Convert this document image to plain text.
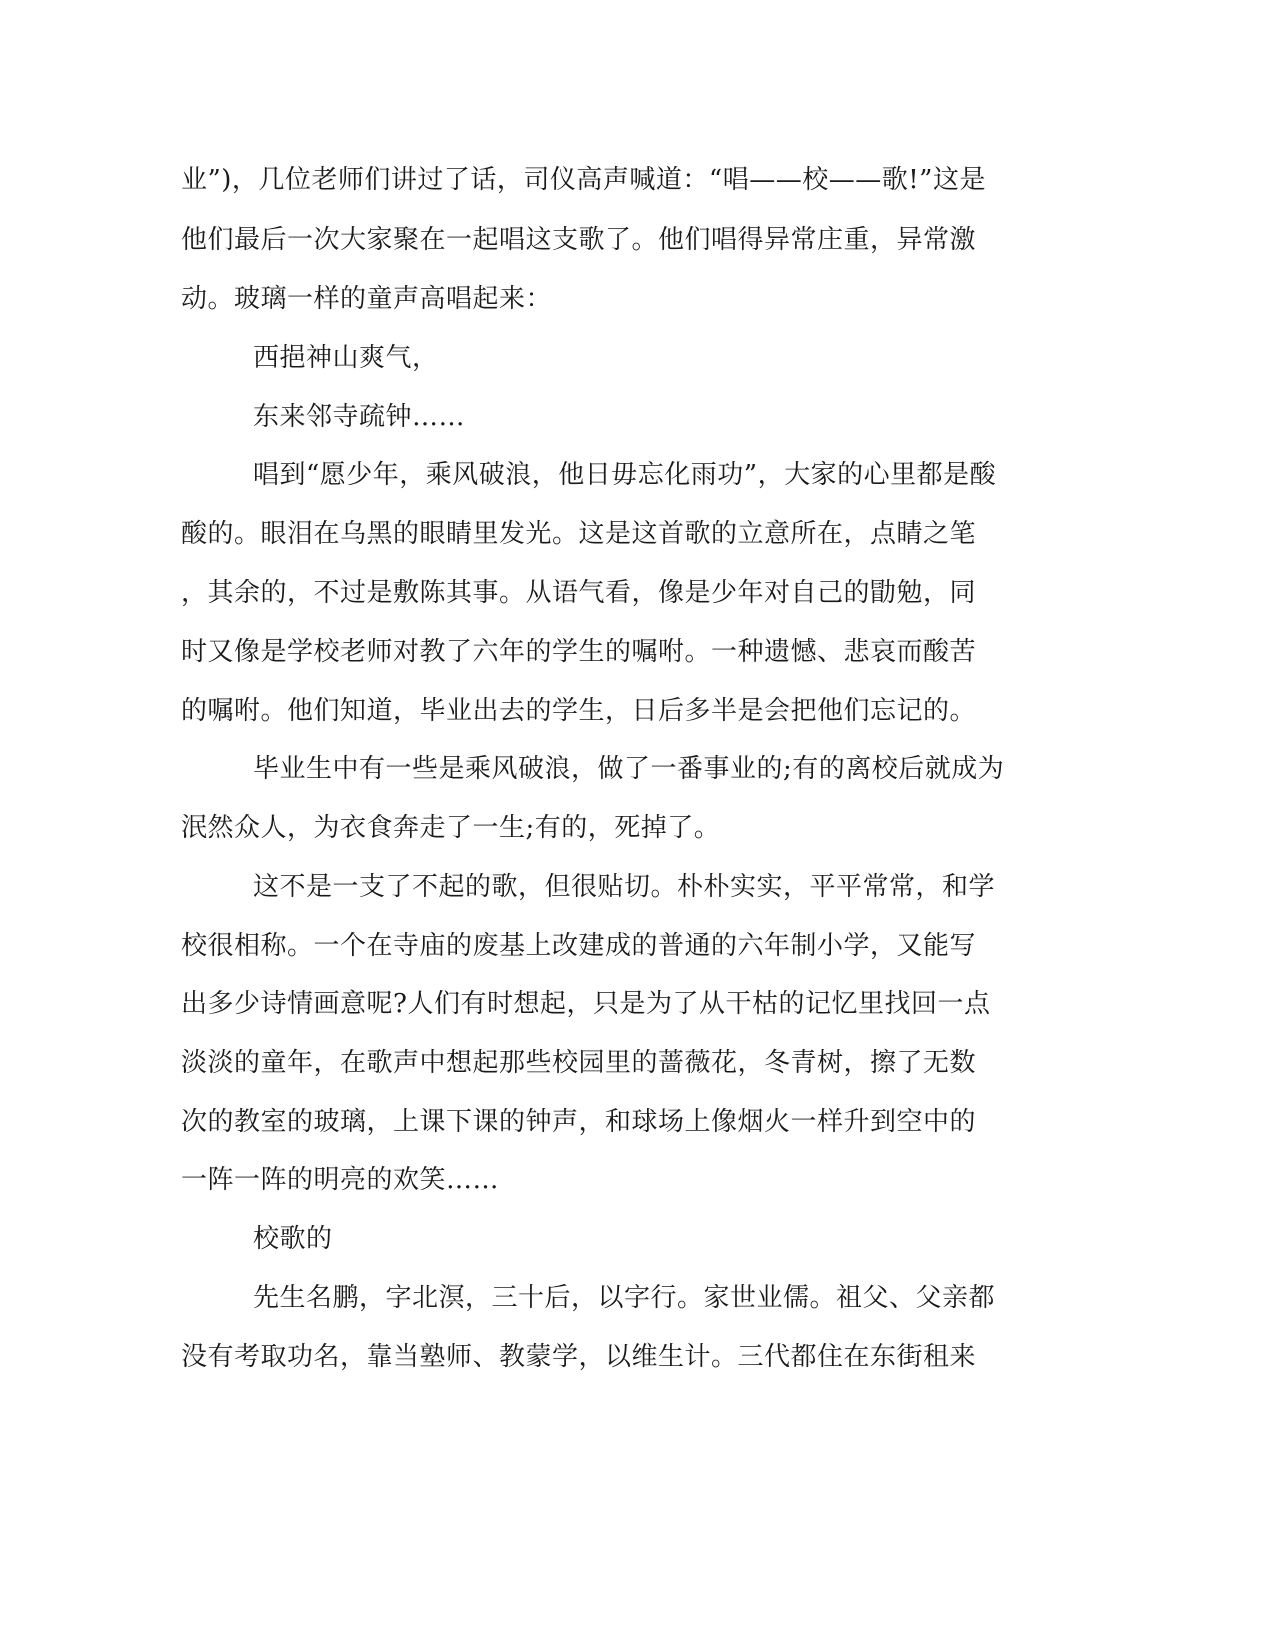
业”)，几位老师们讲过了话，司仪高声喊道：“唱——校——歌!”这是

他们最后一次大家聚在一起唱这支歌了。他们唱得异常庄重，异常激

动。玻璃一样的童声高唱起来：

西挹神山爽气，

东来邻寺疏钟……

唱到“愿少年，乘风破浪，他日毋忘化雨功”，大家的心里都是酸

酸的。眼泪在乌黑的眼睛里发光。这是这首歌的立意所在，点睛之笔

，其余的，不过是敷陈其事。从语气看，像是少年对自己的勖勉，同

时又像是学校老师对教了六年的学生的嘱咐。一种遗憾、悲哀而酸苦

的嘱咐。他们知道，毕业出去的学生，日后多半是会把他们忘记的。

毕业生中有一些是乘风破浪，做了一番事业的;有的离校后就成为

泯然众人，为衣食奔走了一生;有的，死掉了。

这不是一支了不起的歌，但很贴切。朴朴实实，平平常常，和学

校很相称。一个在寺庙的废基上改建成的普通的六年制小学，又能写

出多少诗情画意呢?人们有时想起，只是为了从干枯的记忆里找回一点

淡淡的童年，在歌声中想起那些校园里的蔷薇花，冬青树，擦了无数

次的教室的玻璃，上课下课的钟声，和球场上像烟火一样升到空中的

一阵一阵的明亮的欢笑……

校歌的

先生名鹏，字北溟，三十后，以字行。家世业儒。祖父、父亲都

没有考取功名，靠当塾师、教蒙学，以维生计。三代都住在东街租来
